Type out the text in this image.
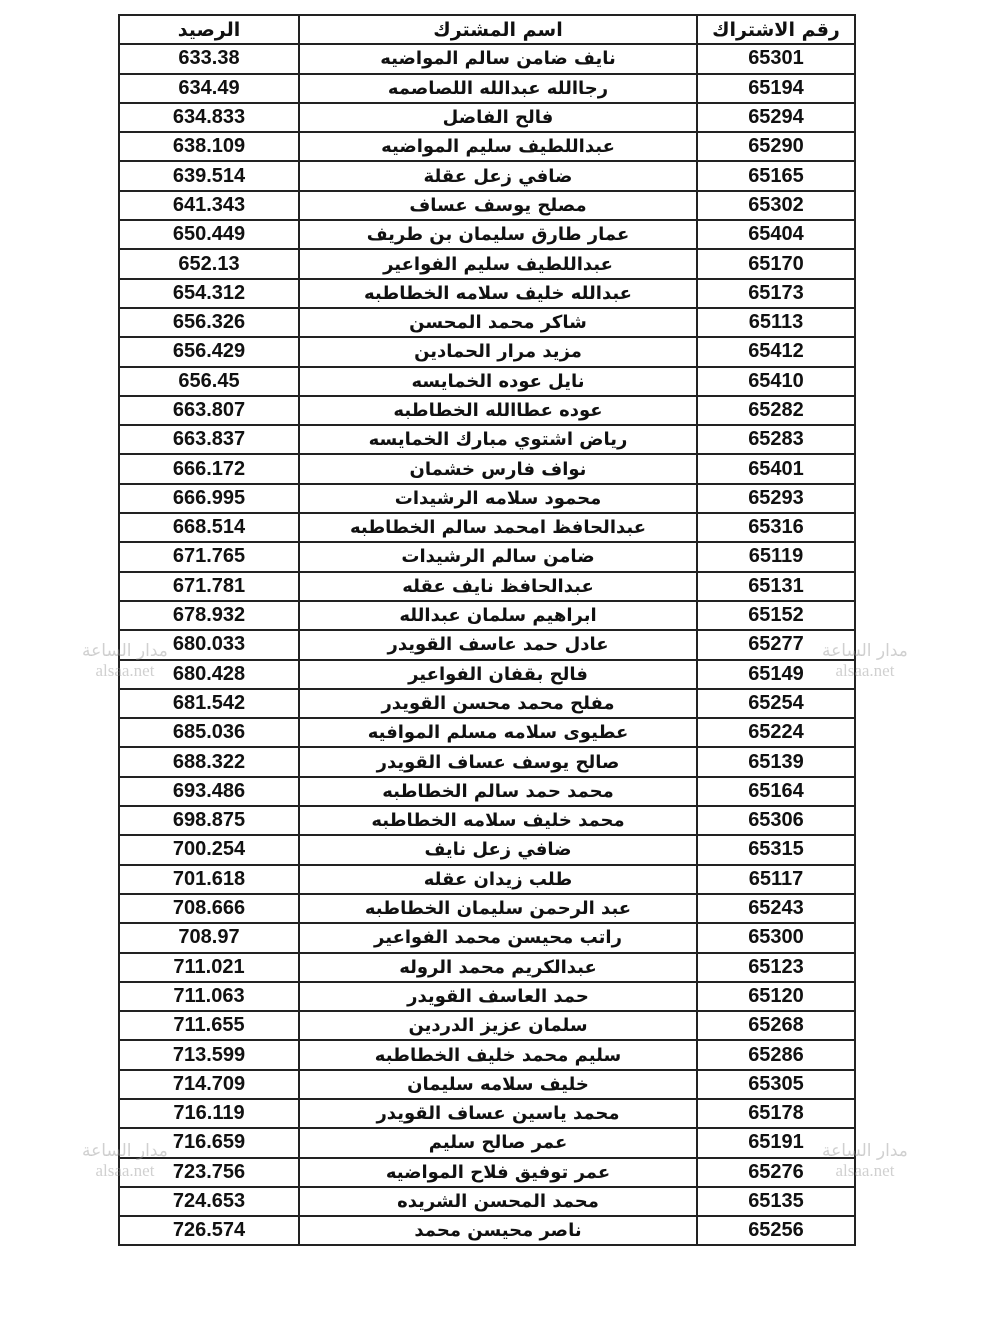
الرصيد	اسم المشترك	رقم الاشتراك
633.38	نايف ضامن سالم المواضيه	65301
634.49	رجاالله عبدالله اللصاصمه	65194
634.833	فالح الفاضل	65294
638.109	عبداللطيف سليم المواضيه	65290
639.514	ضافي زعل عقلة	65165
641.343	مصلح يوسف عساف	65302
650.449	عمار طارق سليمان بن طريف	65404
652.13	عبداللطيف سليم الفواعير	65170
654.312	عبدالله خليف سلامه الخطاطبه	65173
656.326	شاكر محمد المحسن	65113
656.429	مزيد مرار الحمادين	65412
656.45	نايل عوده الخمايسه	65410
663.807	عوده عطاالله الخطاطبه	65282
663.837	رياض اشتوي مبارك الخمايسه	65283
666.172	نواف فارس خشمان	65401
666.995	محمود سلامه الرشيدات	65293
668.514	عبدالحافظ امحمد سالم الخطاطبه	65316
671.765	ضامن سالم الرشيدات	65119
671.781	عبدالحافظ نايف عقله	65131
678.932	ابراهيم سلمان عبدالله	65152
680.033	عادل حمد عاسف القويدر	65277
680.428	فالح بقفان الفواعير	65149
681.542	مفلح محمد محسن القويدر	65254
685.036	عطيوى سلامه مسلم الموافيه	65224
688.322	صالح يوسف عساف القويدر	65139
693.486	محمد حمد سالم الخطاطبه	65164
698.875	محمد خليف سلامه الخطاطبه	65306
700.254	ضافي زعل نايف	65315
701.618	طلب زيدان عقله	65117
708.666	عبد الرحمن سليمان الخطاطبه	65243
708.97	راتب محيسن محمد الفواعير	65300
711.021	عبدالكريم محمد الروله	65123
711.063	حمد العاسف القويدر	65120
711.655	سلمان عزيز الدردين	65268
713.599	سليم محمد خليف الخطاطبه	65286
714.709	خليف سلامه سليمان	65305
716.119	محمد ياسين عساف القويدر	65178
716.659	عمر صالح سليم	65191
723.756	عمر توفيق فلاح المواضيه	65276
724.653	محمد المحسن الشريده	65135
726.574	ناصر محيسن محمد	65256
مدار الساعة
alsaa.net
مدار الساعة
alsaa.net
مدار الساعة
alsaa.net
مدار الساعة
alsaa.net
